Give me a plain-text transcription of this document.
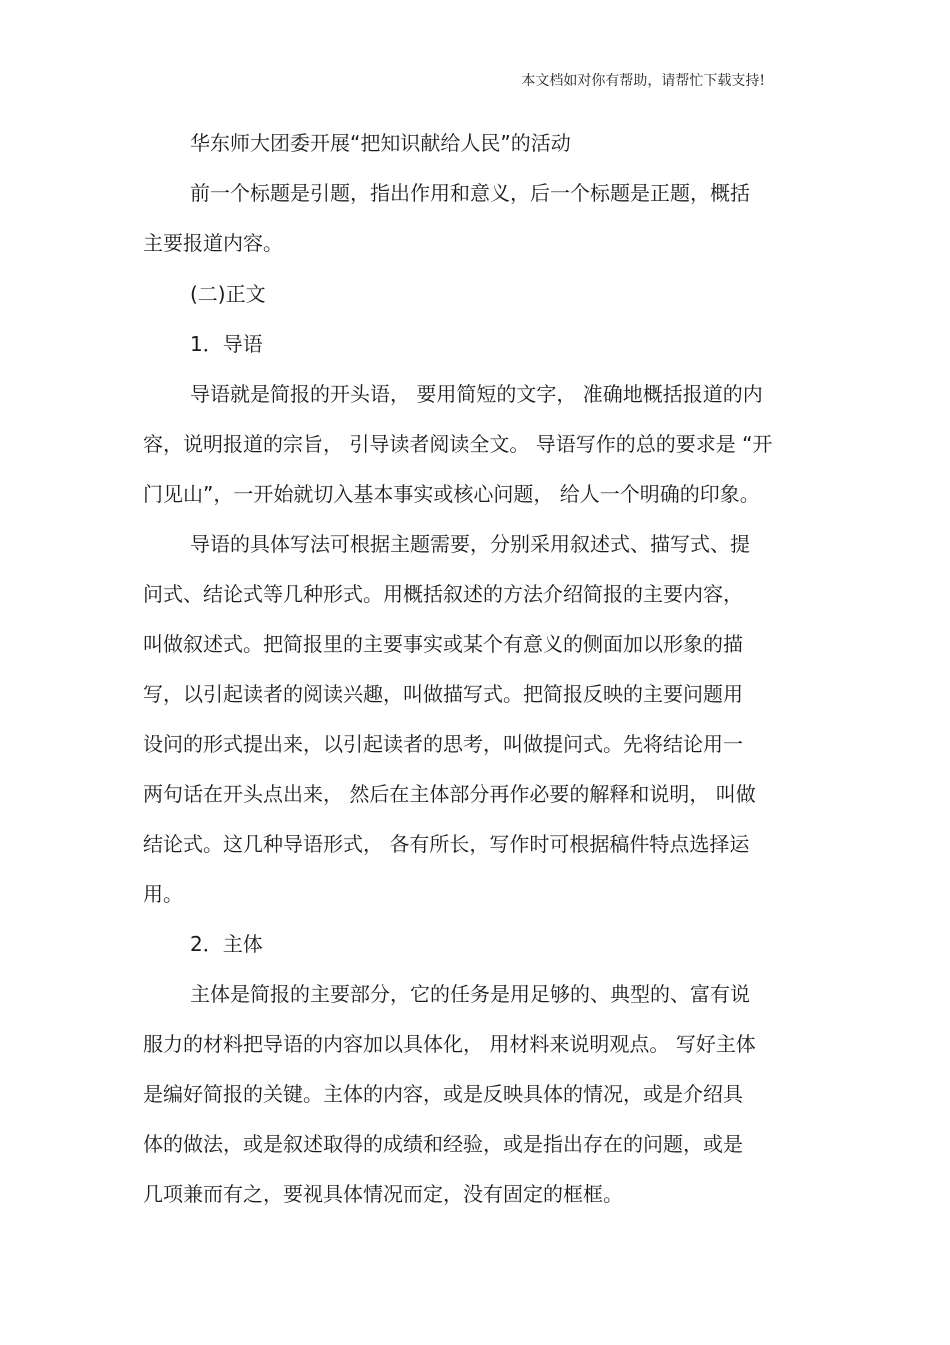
本文档如对你有帮助，请帮忙下载支持!
华东师大团委开展“把知识献给人民”的活动
前一个标题是引题，指出作用和意义，后一个标题是正题，概括
主要报道内容。
(二)正文
1．导语
导语就是简报的开头语， 要用简短的文字， 准确地概括报道的内
容，说明报道的宗旨， 引导读者阅读全文。 导语写作的总的要求是 “开
门见山”，一开始就切入基本事实或核心问题， 给人一个明确的印象。
导语的具体写法可根据主题需要，分别采用叙述式、描写式、提
问式、结论式等几种形式。用概括叙述的方法介绍简报的主要内容，
叫做叙述式。把简报里的主要事实或某个有意义的侧面加以形象的描
写，以引起读者的阅读兴趣，叫做描写式。把简报反映的主要问题用
设问的形式提出来，以引起读者的思考，叫做提问式。先将结论用一
两句话在开头点出来， 然后在主体部分再作必要的解释和说明， 叫做
结论式。这几种导语形式， 各有所长，写作时可根据稿件特点选择运
用。
2．主体
主体是简报的主要部分，它的任务是用足够的、典型的、富有说
服力的材料把导语的内容加以具体化， 用材料来说明观点。 写好主体
是编好简报的关键。主体的内容，或是反映具体的情况，或是介绍具
体的做法，或是叙述取得的成绩和经验，或是指出存在的问题，或是
几项兼而有之，要视具体情况而定，没有固定的框框。
